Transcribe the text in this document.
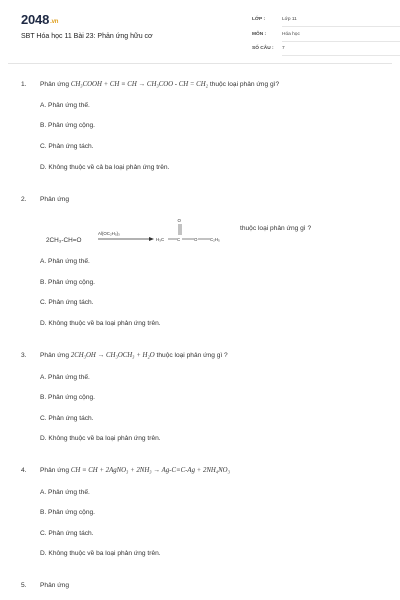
2048.vn
SBT Hóa học 11 Bài 23: Phản ứng hữu cơ
LỚP :	Lớp 11
MÔN :	Hóa học
SỐ CÂU : 7
1. Phản ứng CH₃COOH + CH ≡ CH → CH₃COO - CH = CH₂ thuộc loại phản ứng gì?
A. Phản ứng thế.
B. Phản ứng cộng.
C. Phản ứng tách.
D. Không thuộc về cả ba loại phản ứng trên.
2. Phản ứng
2CH₃-CH=O
Al(OC₂H₅)₃
H₃C	C
O
O	C₂H₅
thuộc loại phản ứng gì ?
A. Phản ứng thế.
B. Phản ứng cộng.
C. Phản ứng tách.
D. Không thuộc về ba loại phản ứng trên.
3. Phản ứng 2CH₃OH → CH₃OCH₃ + H₂O thuộc loại phản ứng gì ?
A. Phản ứng thế.
B. Phản ứng cộng.
C. Phản ứng tách.
D. Không thuộc về ba loại phản ứng trên.
4. Phản ứng CH ≡ CH + 2AgNO₃ + 2NH₃ → Ag-C≡C-Ag + 2NH₄NO₃
A. Phản ứng thế.
B. Phản ứng cộng.
C. Phản ứng tách.
D. Không thuộc về ba loại phản ứng trên.
5. Phản ứng
